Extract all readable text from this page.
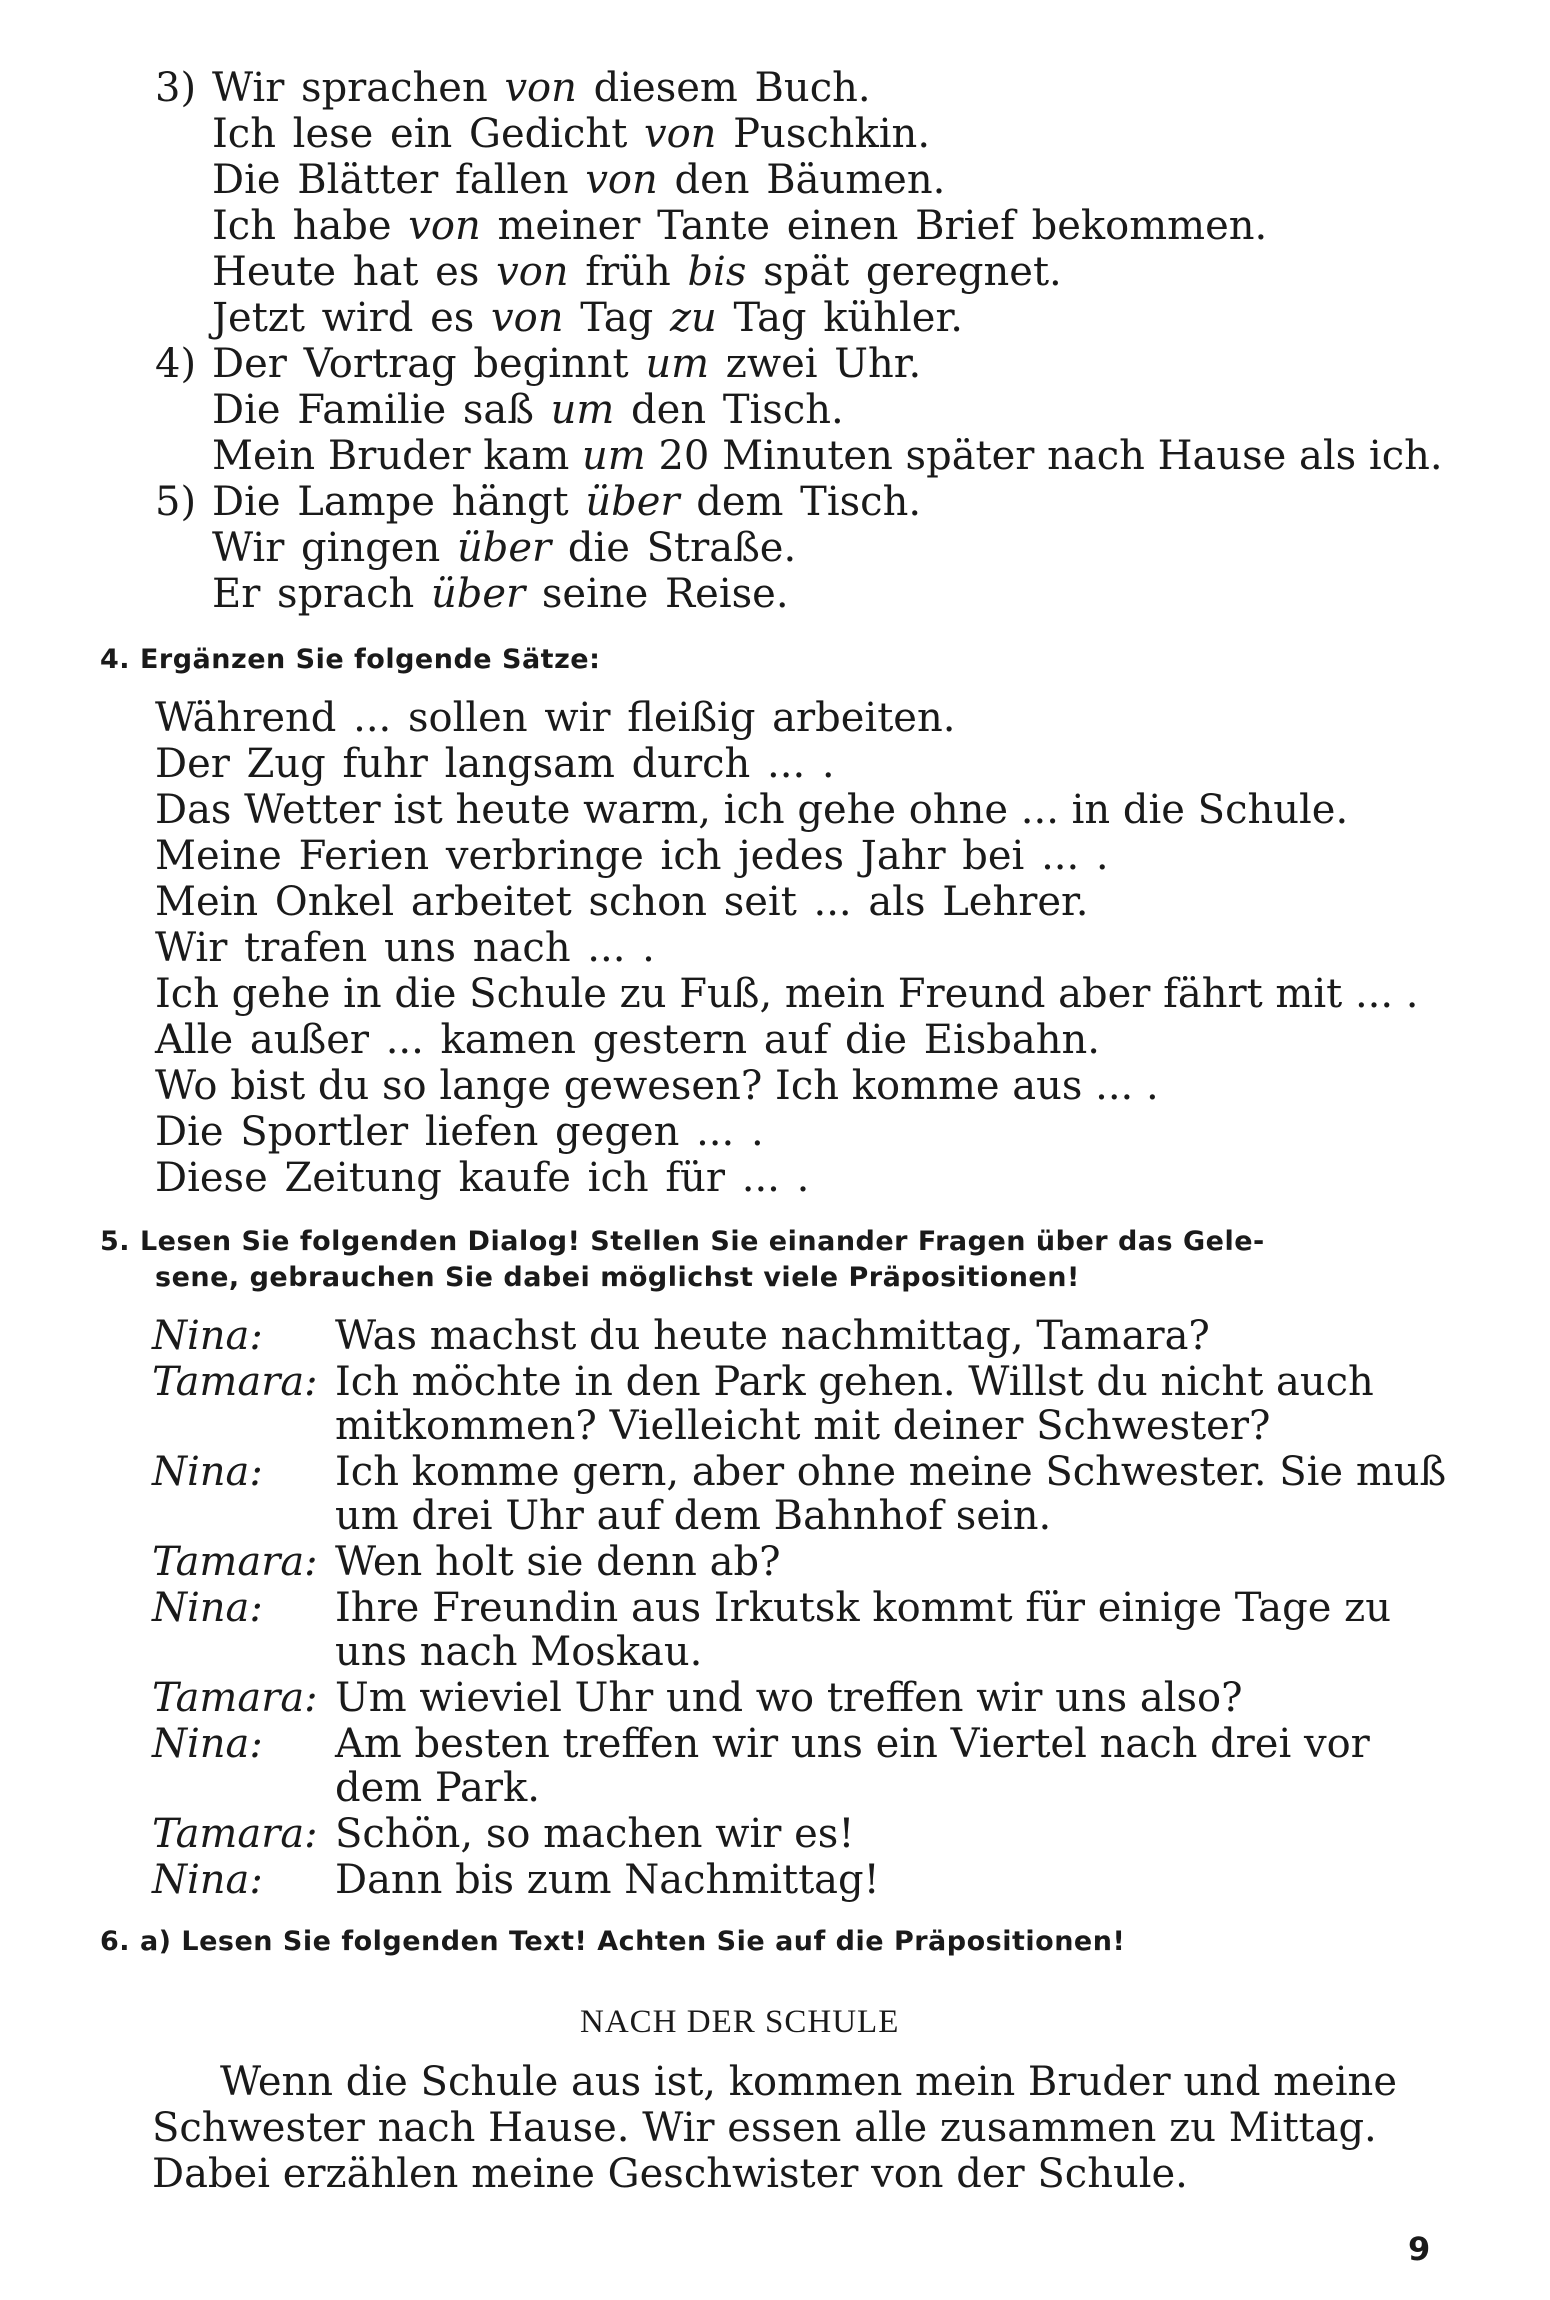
3) Wir sprachen von diesem Buch.
Ich lese ein Gedicht von Puschkin.
Die Blätter fallen von den Bäumen.
Ich habe von meiner Tante einen Brief bekommen.
Heute hat es von früh bis spät geregnet.
Jetzt wird es von Tag zu Tag kühler.
4) Der Vortrag beginnt um zwei Uhr.
Die Familie saß um den Tisch.
Mein Bruder kam um 20 Minuten später nach Hause als ich.
5) Die Lampe hängt über dem Tisch.
Wir gingen über die Straße.
Er sprach über seine Reise.
4. Ergänzen Sie folgende Sätze:
Während ... sollen wir fleißig arbeiten.
Der Zug fuhr langsam durch ... .
Das Wetter ist heute warm, ich gehe ohne ... in die Schule.
Meine Ferien verbringe ich jedes Jahr bei ... .
Mein Onkel arbeitet schon seit ... als Lehrer.
Wir trafen uns nach ... .
Ich gehe in die Schule zu Fuß, mein Freund aber fährt mit ... .
Alle außer ... kamen gestern auf die Eisbahn.
Wo bist du so lange gewesen? Ich komme aus ... .
Die Sportler liefen gegen ... .
Diese Zeitung kaufe ich für ... .
5. Lesen Sie folgenden Dialog! Stellen Sie einander Fragen über das Gele-
sene, gebrauchen Sie dabei möglichst viele Präpositionen!
Nina: Was machst du heute nachmittag, Tamara?
Tamara: Ich möchte in den Park gehen. Willst du nicht auch
mitkommen? Vielleicht mit deiner Schwester?
Nina: Ich komme gern, aber ohne meine Schwester. Sie muß
um drei Uhr auf dem Bahnhof sein.
Tamara: Wen holt sie denn ab?
Nina: Ihre Freundin aus Irkutsk kommt für einige Tage zu
uns nach Moskau.
Tamara: Um wieviel Uhr und wo treffen wir uns also?
Nina: Am besten treffen wir uns ein Viertel nach drei vor
dem Park.
Tamara: Schön, so machen wir es!
Nina: Dann bis zum Nachmittag!
6. a) Lesen Sie folgenden Text! Achten Sie auf die Präpositionen!
NACH DER SCHULE
Wenn die Schule aus ist, kommen mein Bruder und meine
Schwester nach Hause. Wir essen alle zusammen zu Mittag.
Dabei erzählen meine Geschwister von der Schule.
9
